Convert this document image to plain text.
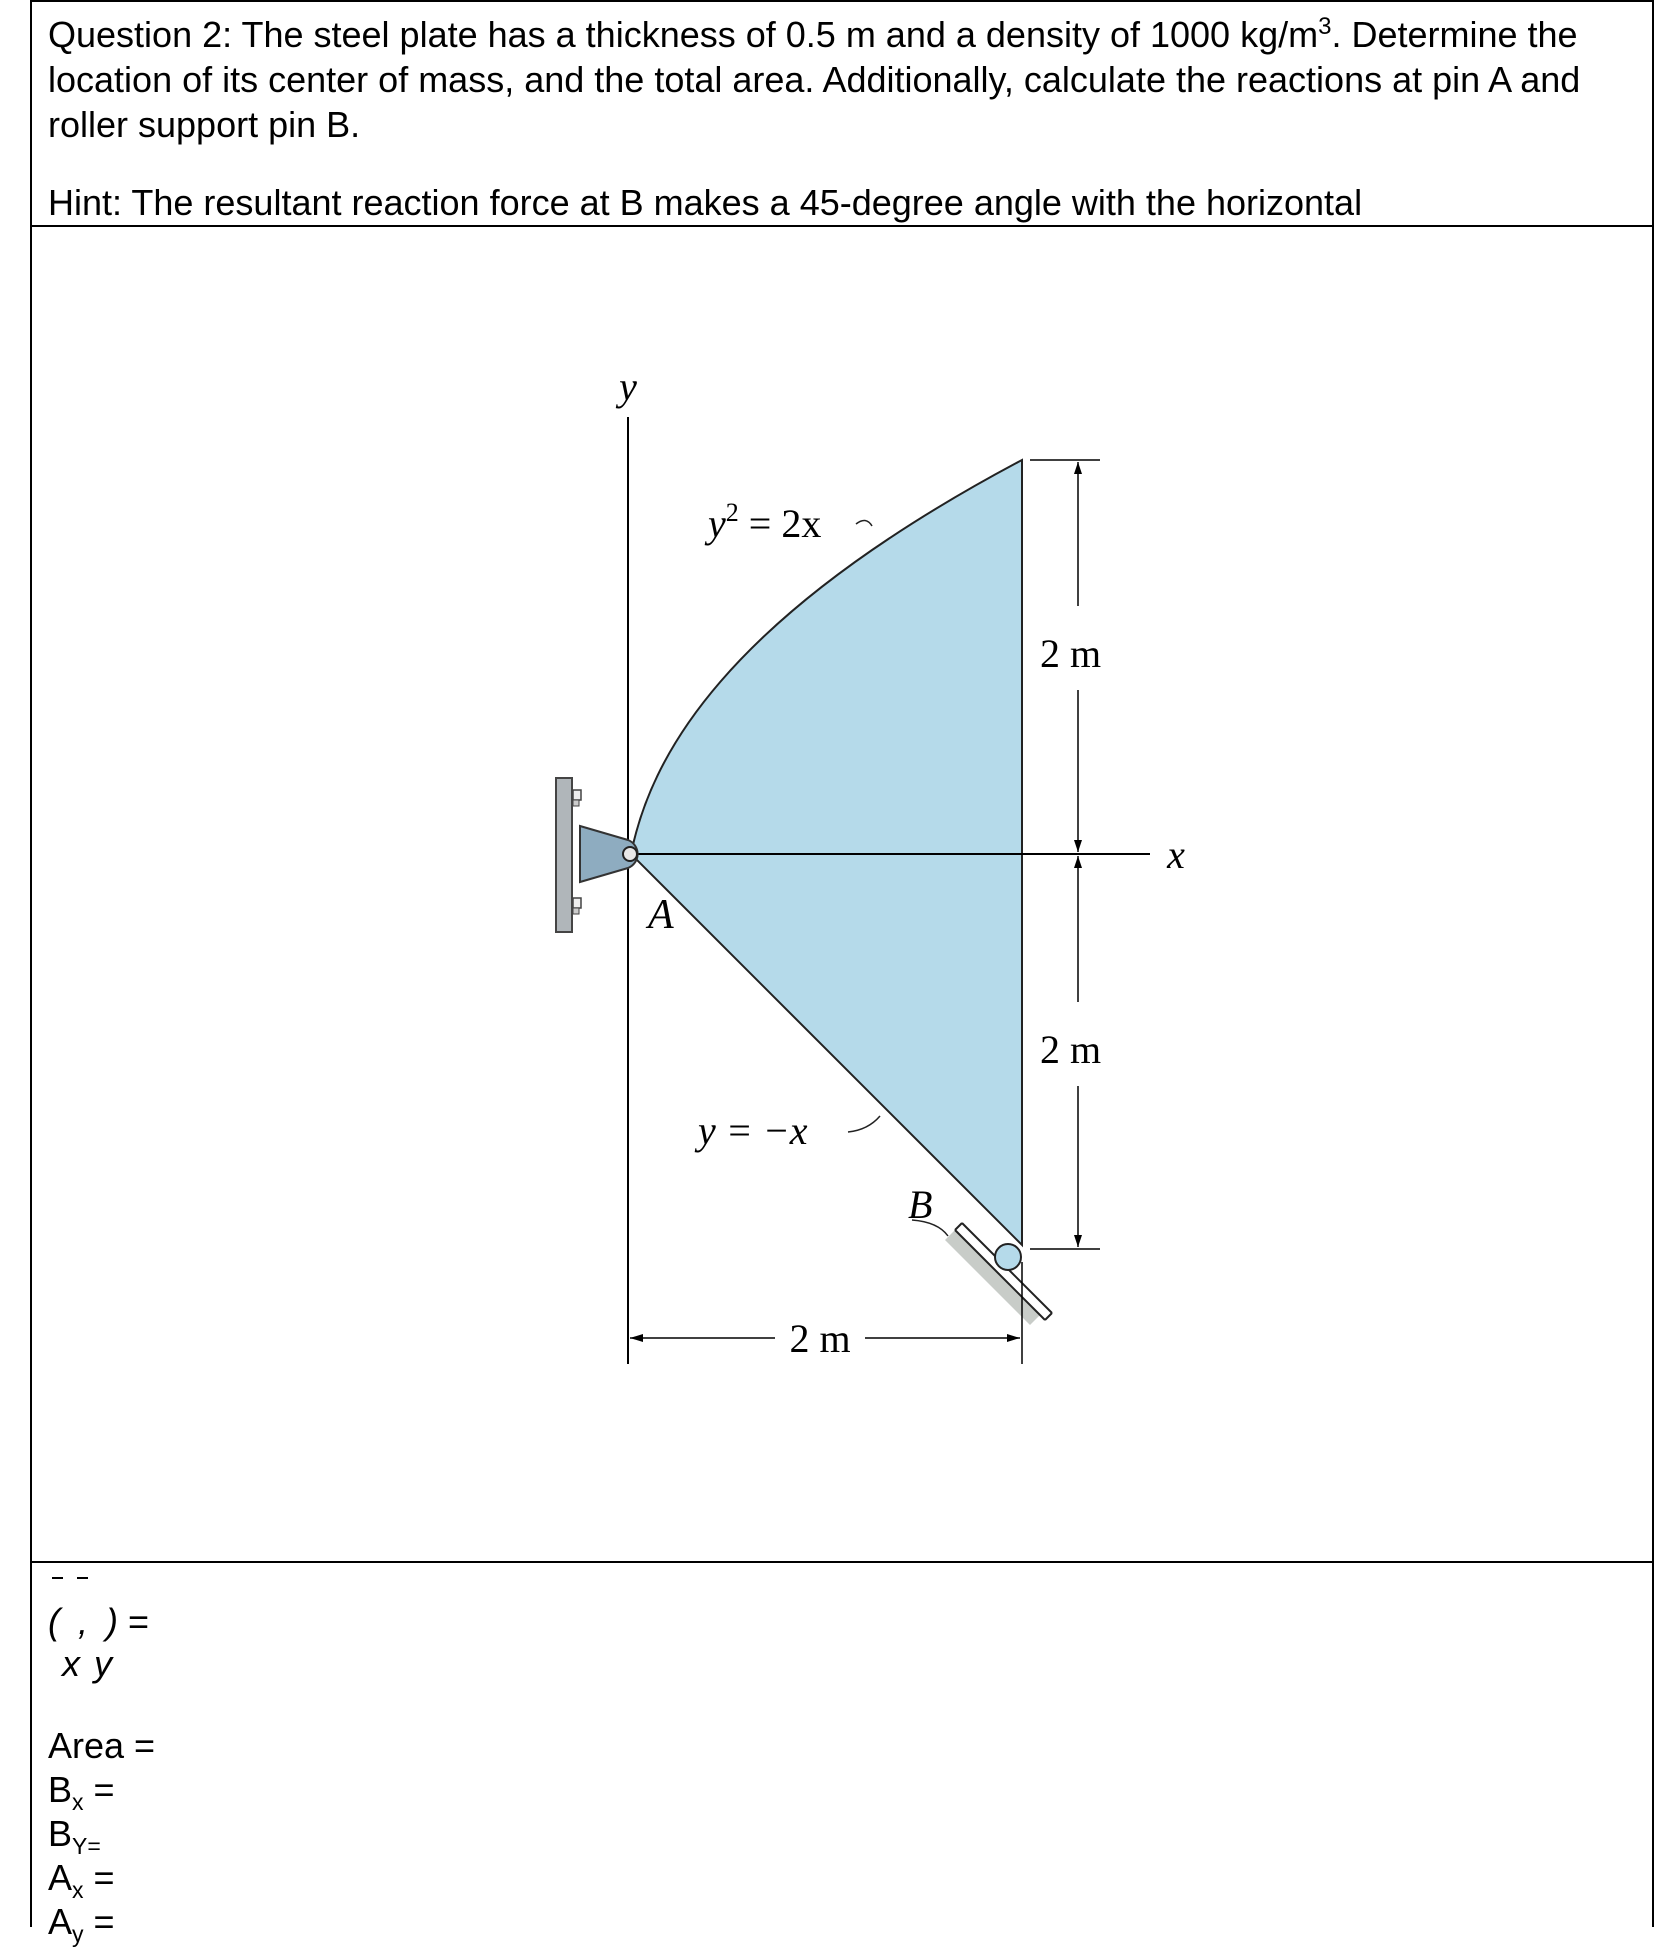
Question 2: The steel plate has a thickness of 0.5 m and a density of 1000 $kg/m^3$. Determine the location of its center of mass, and the total area. Additionally, calculate the reactions at pin A and roller support pin B.
Hint: The resultant reaction force at B makes a 45-degree angle with the horizontal
y
x
A
B
$y^2 = 2x$
y = −x
2 m
2 m
2 m
( , ) =
x y
Area =
$B_x$ =
$B_{Y=}$
$A_x$ =
$A_y$ =
